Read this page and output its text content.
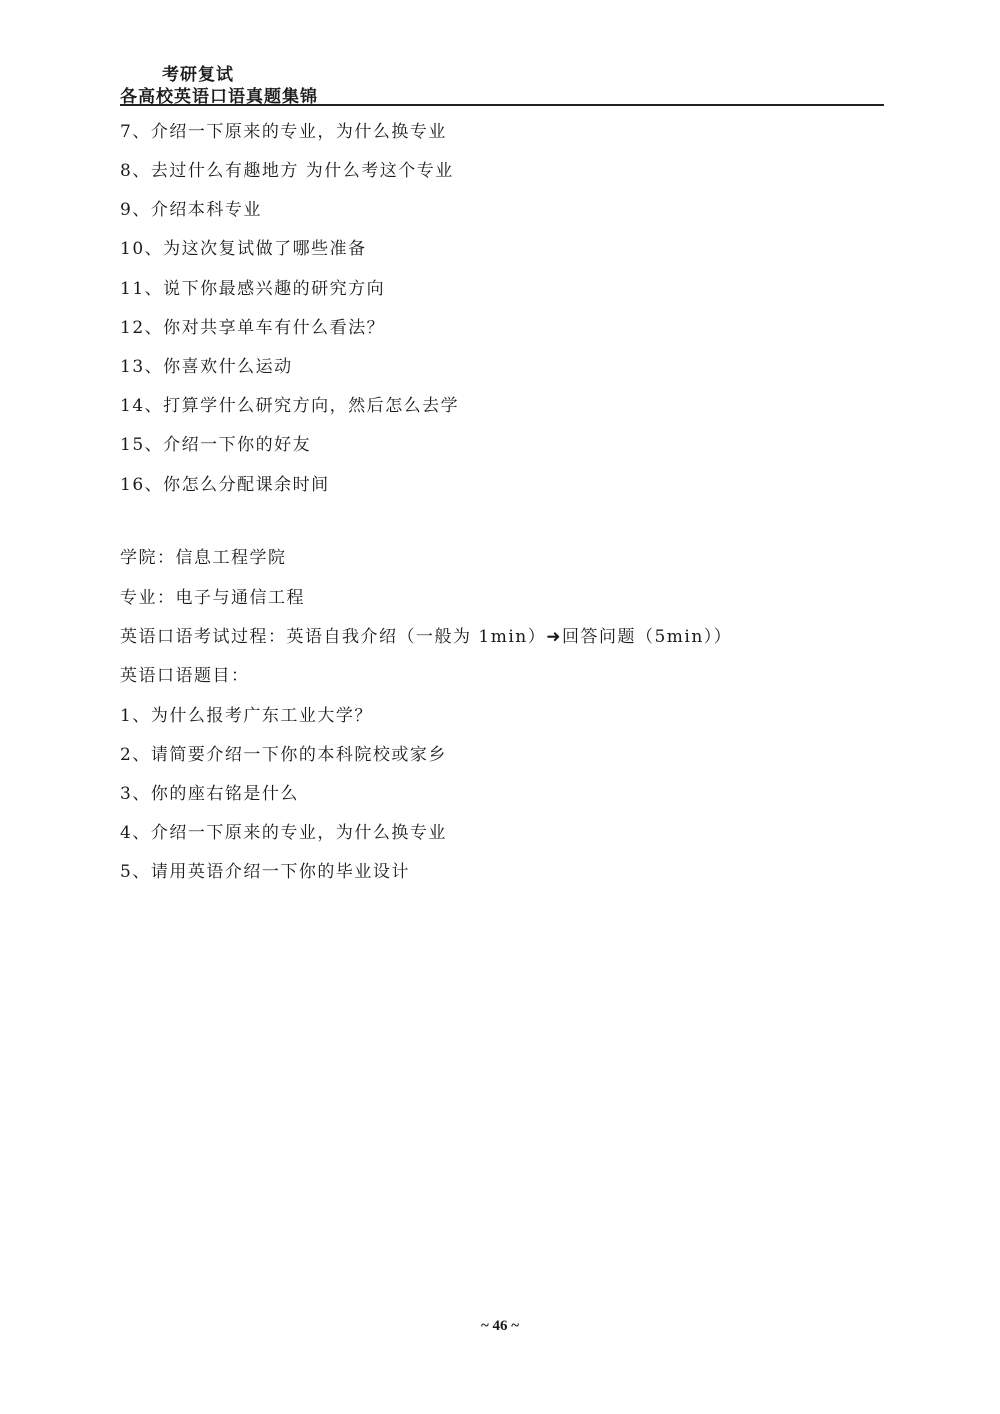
考研复试
各高校英语口语真题集锦
7、介绍一下原来的专业，为什么换专业
8、去过什么有趣地方 为什么考这个专业
9、介绍本科专业
10、为这次复试做了哪些准备
11、说下你最感兴趣的研究方向
12、你对共享单车有什么看法？
13、你喜欢什么运动
14、打算学什么研究方向，然后怎么去学
15、介绍一下你的好友
16、你怎么分配课余时间
学院：信息工程学院
专业：电子与通信工程
英语口语考试过程：英语自我介绍（一般为 1min）➜回答问题（5min））
英语口语题目：
1、为什么报考广东工业大学？
2、请简要介绍一下你的本科院校或家乡
3、你的座右铭是什么
4、介绍一下原来的专业，为什么换专业
5、请用英语介绍一下你的毕业设计
~ 46 ~
